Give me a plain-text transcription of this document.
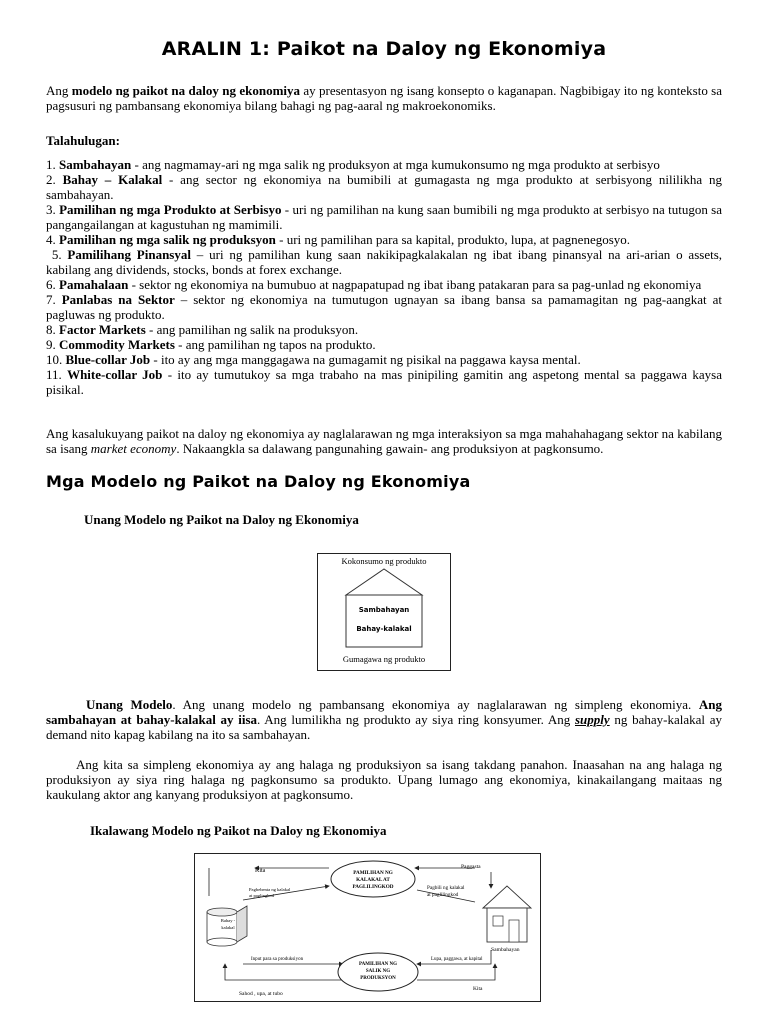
ARALIN 1: Paikot na Daloy ng Ekonomiya

Ang modelo ng paikot na daloy ng ekonomiya ay presentasyon ng isang konsepto o kaganapan. Nagbibigay ito ng konteksto sa pagsusuri ng pambansang ekonomiya bilang bahagi ng pag-aaral ng makroekonomiks.

Talahulugan:

1. Sambahayan - ang nagmamay-ari ng mga salik ng produksyon at mga kumukonsumo ng mga produkto at serbisyo
2. Bahay – Kalakal - ang sector ng ekonomiya na bumibili at gumagasta ng mga produkto at serbisyong nililikha ng sambahayan.
3. Pamilihan ng mga Produkto at Serbisyo - uri ng pamilihan na kung saan bumibili ng mga produkto at serbisyo na tutugon sa pangangailangan at kagustuhan ng mamimili.
4. Pamilihan ng mga salik ng produksyon - uri ng pamilihan para sa kapital, produkto, lupa, at pagnenegosyo.
5. Pamilihang Pinansyal – uri ng pamilihan kung saan nakikipagkalakalan ng ibat ibang pinansyal na ari-arian o assets, kabilang ang dividends, stocks, bonds at forex exchange.
6. Pamahalaan - sektor ng ekonomiya na bumubuo at nagpapatupad ng ibat ibang patakaran para sa pag-unlad ng ekonomiya
7. Panlabas na Sektor – sektor ng ekonomiya na tumutugon ugnayan sa ibang bansa sa pamamagitan ng pag-aangkat at pagluwas ng produkto.
8. Factor Markets - ang pamilihan ng salik na produksyon.
9. Commodity Markets - ang pamilihan ng tapos na produkto.
10. Blue-collar Job - ito ay ang mga manggagawa na gumagamit ng pisikal na paggawa kaysa mental.
11. White-collar Job - ito ay tumutukoy sa mga trabaho na mas pinipiling gamitin ang aspetong mental sa paggawa kaysa pisikal.

Ang kasalukuyang paikot na daloy ng ekonomiya ay naglalarawan ng mga interaksiyon sa mga mahahahagang sektor na kabilang sa isang market economy. Nakaangkla sa dalawang pangunahing gawain- ang produksiyon at pagkonsumo.

Mga Modelo ng Paikot na Daloy ng Ekonomiya
Unang Modelo ng Paikot na Daloy ng Ekonomiya
Kokonsumo ng produkto
Sambahayan
Bahay-kalakal
Gumagawa ng produkto

Unang Modelo. Ang unang modelo ng pambansang ekonomiya ay naglalarawan ng simpleng ekonomiya. Ang sambahayan at bahay-kalakal ay iisa. Ang lumilikha ng produkto ay siya ring konsyumer. Ang supply ng bahay-kalakal ay demand nito kapag kabilang na ito sa sambahayan.

Ang kita sa simpleng ekonomiya ay ang halaga ng produksiyon sa isang takdang panahon. Inaasahan na ang halaga ng produksiyon ay siya ring halaga ng pagkonsumo sa produkto. Upang lumago ang ekonomiya, kinakailangang maitaas ng kaukulang aktor ang kanyang produksiyon at pagkonsumo.

Ikalawang Modelo ng Paikot na Daloy ng Ekonomiya
PAMILIHAN NG
KALAKAL AT
PAGLILINGKOD
PAMILIHAN NG
SALIK NG
PRODUKSYON
Bahay -
kalakal
Kita
Paggasta
Pagbebenta ng kalakal
at paglingkod
Pagbili ng kalakal
at paglilingkod
Sambahayan
Input para sa produksiyon	Lupa, paggawa, at kapital
Sahod , upa, at tubo
Kita
